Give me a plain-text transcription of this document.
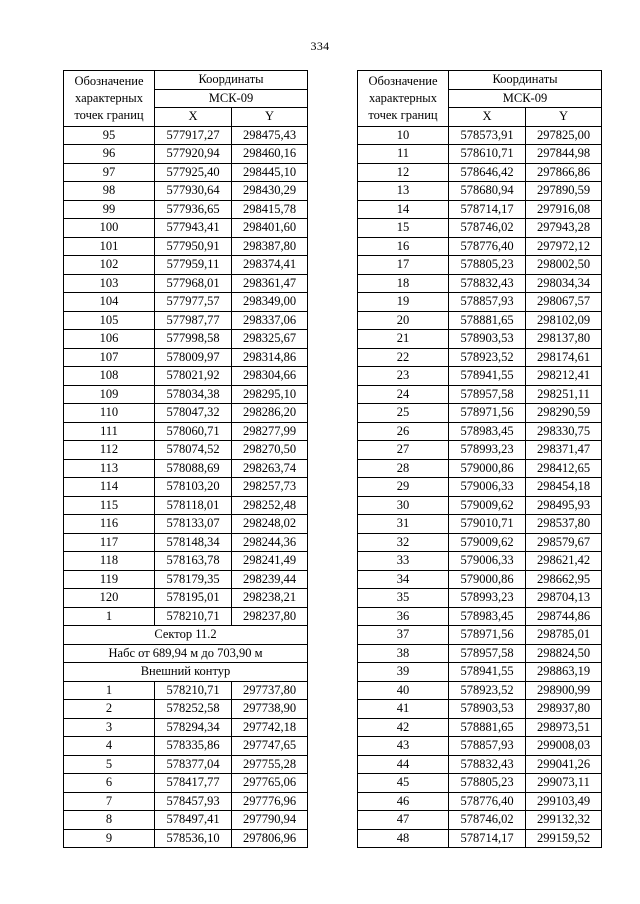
334
Обозначение
характерных
точек границ	Координаты	
	МСК-09	
	X	Y
95	577917,27	298475,43
96	577920,94	298460,16
97	577925,40	298445,10
98	577930,64	298430,29
99	577936,65	298415,78
100	577943,41	298401,60
101	577950,91	298387,80
102	577959,11	298374,41
103	577968,01	298361,47
104	577977,57	298349,00
105	577987,77	298337,06
106	577998,58	298325,67
107	578009,97	298314,86
108	578021,92	298304,66
109	578034,38	298295,10
110	578047,32	298286,20
111	578060,71	298277,99
112	578074,52	298270,50
113	578088,69	298263,74
114	578103,20	298257,73
115	578118,01	298252,48
116	578133,07	298248,02
117	578148,34	298244,36
118	578163,78	298241,49
119	578179,35	298239,44
120	578195,01	298238,21
1	578210,71	298237,80
Сектор 11.2		
Набс от 689,94 м до 703,90 м		
Внешний контур		
1	578210,71	297737,80
2	578252,58	297738,90
3	578294,34	297742,18
4	578335,86	297747,65
5	578377,04	297755,28
6	578417,77	297765,06
7	578457,93	297776,96
8	578497,41	297790,94
9	578536,10	297806,96
Обозначение
характерных
точек границ	Координаты	
	МСК-09	
	X	Y
10	578573,91	297825,00
11	578610,71	297844,98
12	578646,42	297866,86
13	578680,94	297890,59
14	578714,17	297916,08
15	578746,02	297943,28
16	578776,40	297972,12
17	578805,23	298002,50
18	578832,43	298034,34
19	578857,93	298067,57
20	578881,65	298102,09
21	578903,53	298137,80
22	578923,52	298174,61
23	578941,55	298212,41
24	578957,58	298251,11
25	578971,56	298290,59
26	578983,45	298330,75
27	578993,23	298371,47
28	579000,86	298412,65
29	579006,33	298454,18
30	579009,62	298495,93
31	579010,71	298537,80
32	579009,62	298579,67
33	579006,33	298621,42
34	579000,86	298662,95
35	578993,23	298704,13
36	578983,45	298744,86
37	578971,56	298785,01
38	578957,58	298824,50
39	578941,55	298863,19
40	578923,52	298900,99
41	578903,53	298937,80
42	578881,65	298973,51
43	578857,93	299008,03
44	578832,43	299041,26
45	578805,23	299073,11
46	578776,40	299103,49
47	578746,02	299132,32
48	578714,17	299159,52
